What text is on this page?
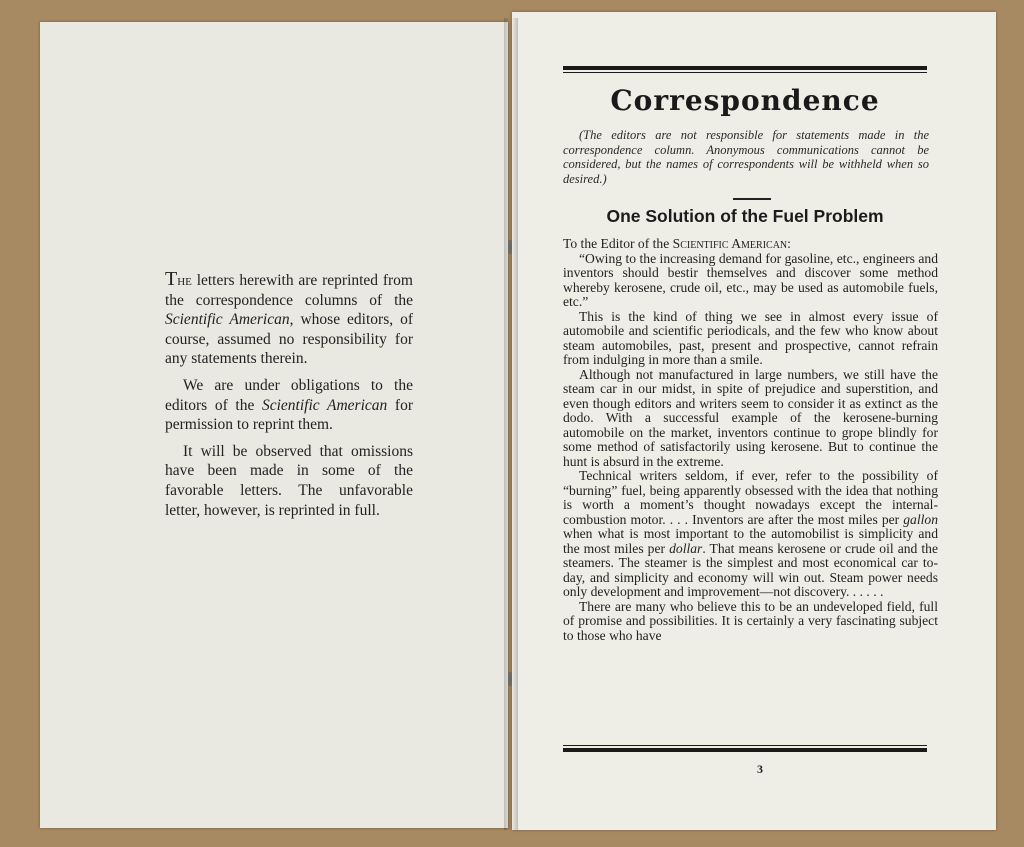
The letters herewith are reprinted from the correspondence columns of the Scientific American, whose editors, of course, assumed no responsibility for any statements therein.

We are under obligations to the editors of the Scientific American for permission to reprint them.

It will be observed that omissions have been made in some of the favorable letters. The unfavorable letter, however, is reprinted in full.

Correspondence
(The editors are not responsible for statements made in the correspondence column. Anonymous communications cannot be considered, but the names of correspondents will be withheld when so desired.)
One Solution of the Fuel Problem

To the Editor of the Scientific American:

“Owing to the increasing demand for gasoline, etc., engineers and inventors should bestir themselves and discover some method whereby kerosene, crude oil, etc., may be used as automobile fuels, etc.”

This is the kind of thing we see in almost every issue of automobile and scientific periodicals, and the few who know about steam automobiles, past, present and prospective, cannot refrain from indulging in more than a smile.

Although not manufactured in large numbers, we still have the steam car in our midst, in spite of prejudice and superstition, and even though editors and writers seem to consider it as extinct as the dodo. With a successful example of the kerosene-burning automobile on the market, inventors continue to grope blindly for some method of satisfactorily using kerosene. But to continue the hunt is absurd in the extreme.

Technical writers seldom, if ever, refer to the possibility of “burning” fuel, being apparently obsessed with the idea that nothing is worth a moment’s thought nowadays except the internal-combustion motor. . . . Inventors are after the most miles per gallon when what is most important to the automobilist is simplicity and the most miles per dollar. That means kerosene or crude oil and the steamers. The steamer is the simplest and most economical car to-day, and simplicity and economy will win out. Steam power needs only development and improvement—not discovery. . . . . .

There are many who believe this to be an undeveloped field, full of promise and possibilities. It is certainly a very fascinating subject to those who have

3
